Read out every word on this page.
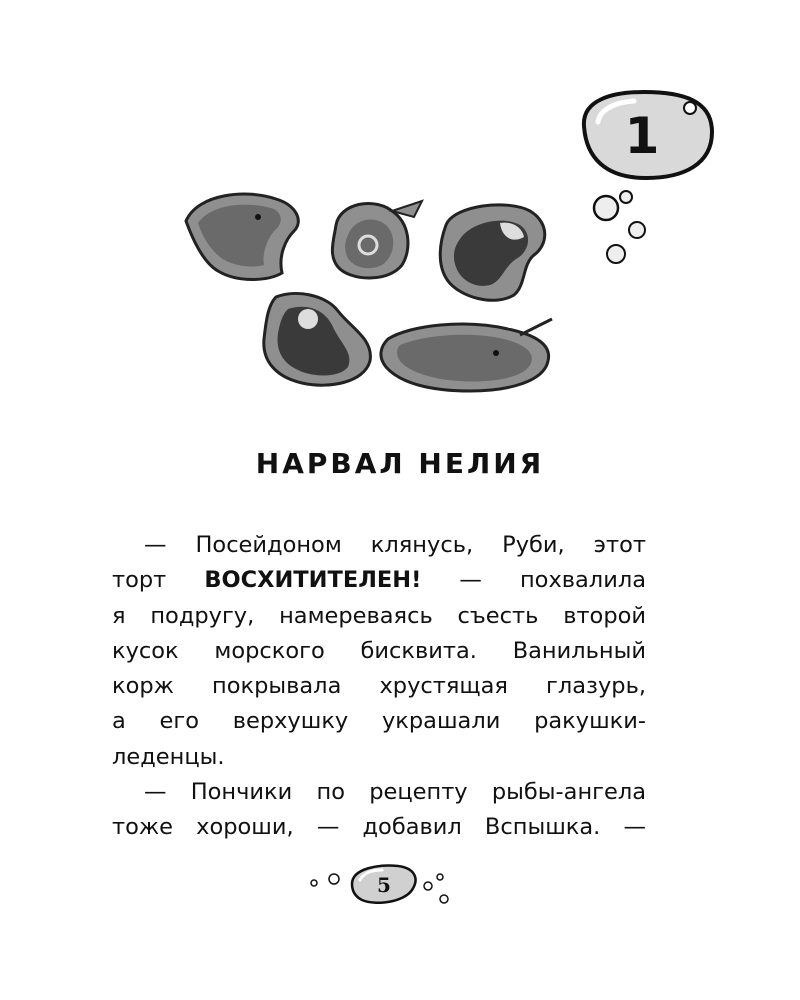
1
НАРВАЛ НЕЛИЯ
— Посейдоном клянусь, Руби, этот
торт ВОСХИТИТЕЛЕН! — похвалила
я подругу, намереваясь съесть второй
кусок морского бисквита. Ванильный
корж покрывала хрустящая глазурь,
а его верхушку украшали ракушки-
леденцы.
— Пончики по рецепту рыбы-ангела
тоже хороши, — добавил Вспышка. —
5
